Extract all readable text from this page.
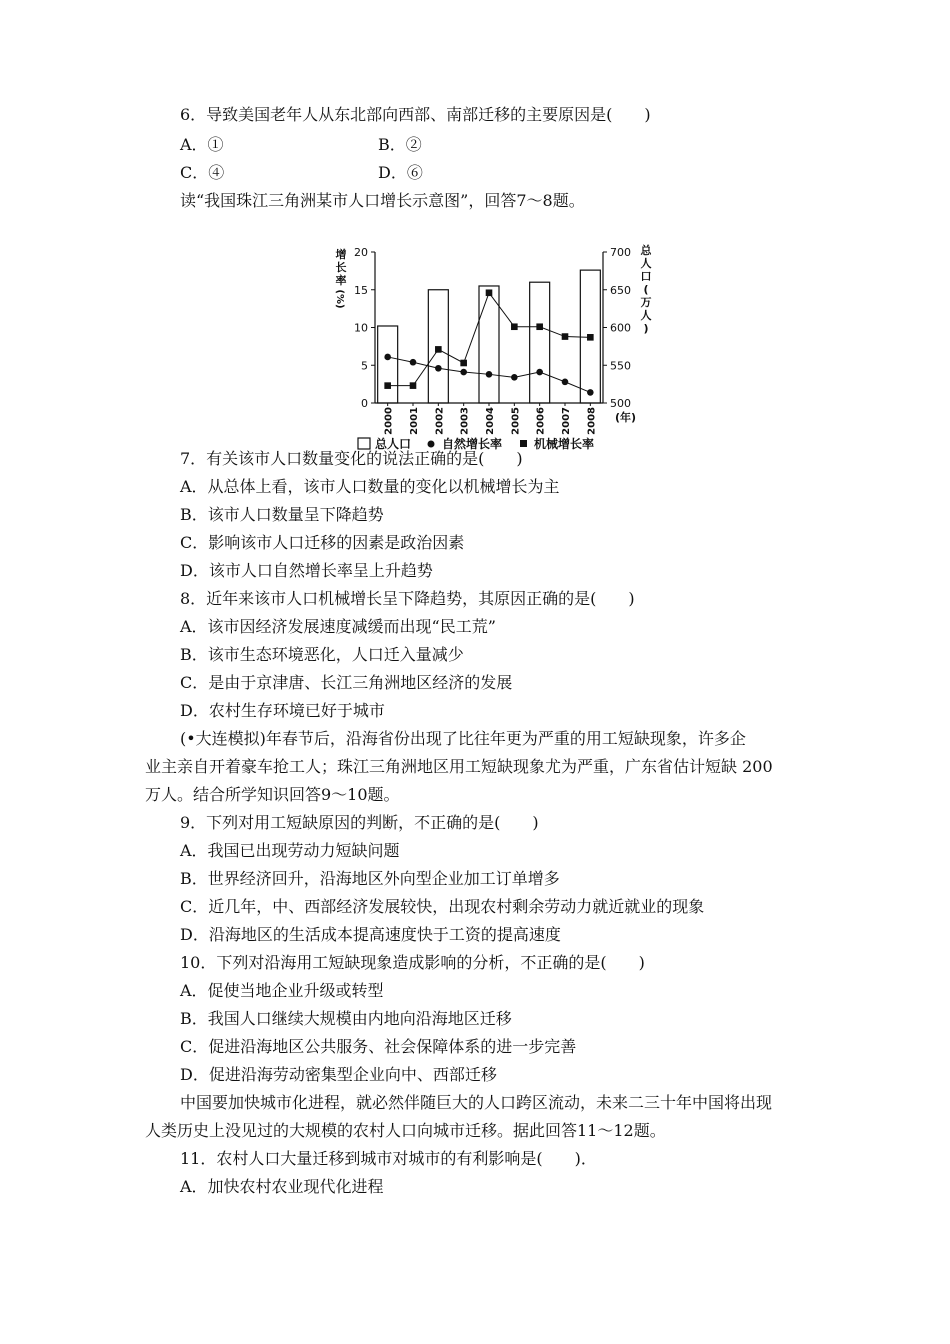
6．导致美国老年人从东北部向西部、南部迁移的主要原因是(　　)
A．①	B．②
C．④	D．⑥
读“我国珠江三角洲某市人口增长示意图”，回答7～8题。
7．有关该市人口数量变化的说法正确的是(　　)
A．从总体上看，该市人口数量的变化以机械增长为主
B．该市人口数量呈下降趋势
C．影响该市人口迁移的因素是政治因素
D．该市人口自然增长率呈上升趋势
8．近年来该市人口机械增长呈下降趋势，其原因正确的是(　　)
A．该市因经济发展速度减缓而出现“民工荒”
B．该市生态环境恶化，人口迁入量减少
C．是由于京津唐、长江三角洲地区经济的发展
D．农村生存环境已好于城市
(•大连模拟)年春节后，沿海省份出现了比往年更为严重的用工短缺现象，许多企
业主亲自开着豪车抢工人；珠江三角洲地区用工短缺现象尤为严重，广东省估计短缺 200
万人。结合所学知识回答9～10题。
9．下列对用工短缺原因的判断，不正确的是(　　)
A．我国已出现劳动力短缺问题
B．世界经济回升，沿海地区外向型企业加工订单增多
C．近几年，中、西部经济发展较快，出现农村剩余劳动力就近就业的现象
D．沿海地区的生活成本提高速度快于工资的提高速度
10．下列对沿海用工短缺现象造成影响的分析，不正确的是(　　)
A．促使当地企业升级或转型
B．我国人口继续大规模由内地向沿海地区迁移
C．促进沿海地区公共服务、社会保障体系的进一步完善
D．促进沿海劳动密集型企业向中、西部迁移
中国要加快城市化进程，就必然伴随巨大的人口跨区流动，未来二三十年中国将出现
人类历史上没见过的大规模的农村人口向城市迁移。据此回答11～12题。
11．农村人口大量迁移到城市对城市的有利影响是(　　)．
A．加快农村农业现代化进程
0
5
10
15
20
500
550
600
650
700
2000 2001 2002 2003 2004 2005 2006 2007 2008 (年)
增
长
率
(%)
总
人
口
(
万
人
)
总人口	自然增长率	机械增长率
